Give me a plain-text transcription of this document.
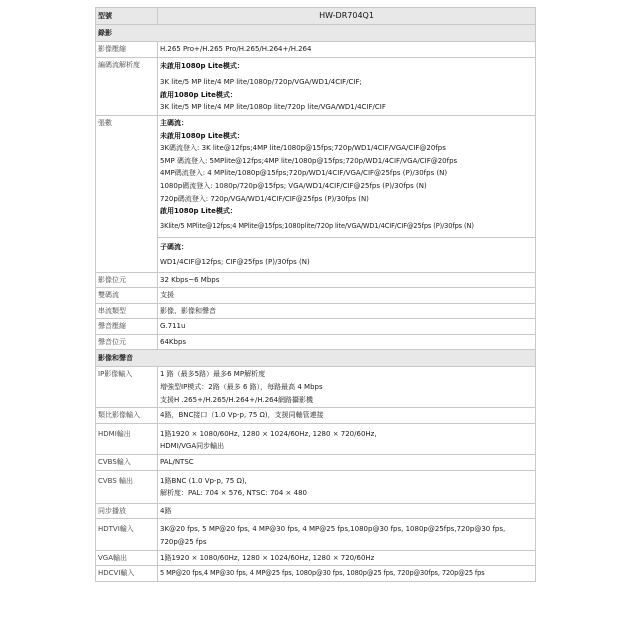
型號	HW-DR704Q1
錄影	
影像壓縮	H.265 Pro+/H.265 Pro/H.265/H.264+/H.264
編碼流解析度	未啟用1080p Lite模式：
3K lite/5 MP lite/4 MP lite/1080p/720p/VGA/WD1/4CIF/CIF;
啟用1080p Lite模式：
3K lite/5 MP lite/4 MP lite/1080p lite/720p lite/VGA/WD1/4CIF/CIF

張數	主碼流：
未啟用1080p Lite模式：
3K碼流登入: 3K lite@12fps;4MP lite/1080p@15fps;720p/WD1/4CIF/VGA/CIF@20fps
5MP 碼流登入: 5MPlite@12fps;4MP lite/1080p@15fps;720p/WD1/4CIF/VGA/CIF@20fps
4MP碼流登入: 4 MPlite/1080p@15fps;720p/WD1/4CIF/VGA/CIF@25fps (P)/30fps (N)
1080p碼流登入: 1080p/720p@15fps; VGA/WD1/4CIF/CIF@25fps (P)/30fps (N)
720p碼流登入: 720p/VGA/WD1/4CIF/CIF@25fps (P)/30fps (N)
啟用1080p Lite模式：
3Klite/5 MPlite@12fps;4 MPlite@15fps;1080plite/720p lite/VGA/WD1/4CIF/CIF@25fps (P)/30fps (N)
子碼流：
WD1/4CIF@12fps; CIF@25fps (P)/30fps (N)

影像位元	32 Kbps~6 Mbps
雙碼流	支援
串流類型	影像、影像和聲音
聲音壓縮	G.711u
聲音位元	64Kbps
影像和聲音	
IP影像輸入	1 路（最多5路）最多6 MP解析度
增強型IP模式：2路（最多 6 路），每路最高 4 Mbps
支援H .265+/H.265/H.264+/H.264網路攝影機

類比影像輸入	4路，BNC接口（1.0 Vp-p, 75 Ω)，支援同軸管連接
HDMI輸出	1路1920 × 1080/60Hz, 1280 × 1024/60Hz, 1280 × 720/60Hz,
HDMI/VGA同步輸出

CVBS輸入	PAL/NTSC
CVBS 輸出	1路BNC (1.0 Vp-p, 75 Ω),
解析度：PAL: 704 × 576, NTSC: 704 × 480

同步播放	4路
HDTVI輸入	3K@20 fps, 5 MP@20 fps, 4 MP@30 fps, 4 MP@25 fps,1080p@30 fps, 1080p@25fps,720p@30 fps,
720p@25 fps

VGA輸出	1路1920 × 1080/60Hz, 1280 × 1024/60Hz, 1280 × 720/60Hz
HDCVI輸入	5 MP@20 fps,4 MP@30 fps, 4 MP@25 fps, 1080p@30 fps, 1080p@25 fps, 720p@30fps, 720p@25 fps
